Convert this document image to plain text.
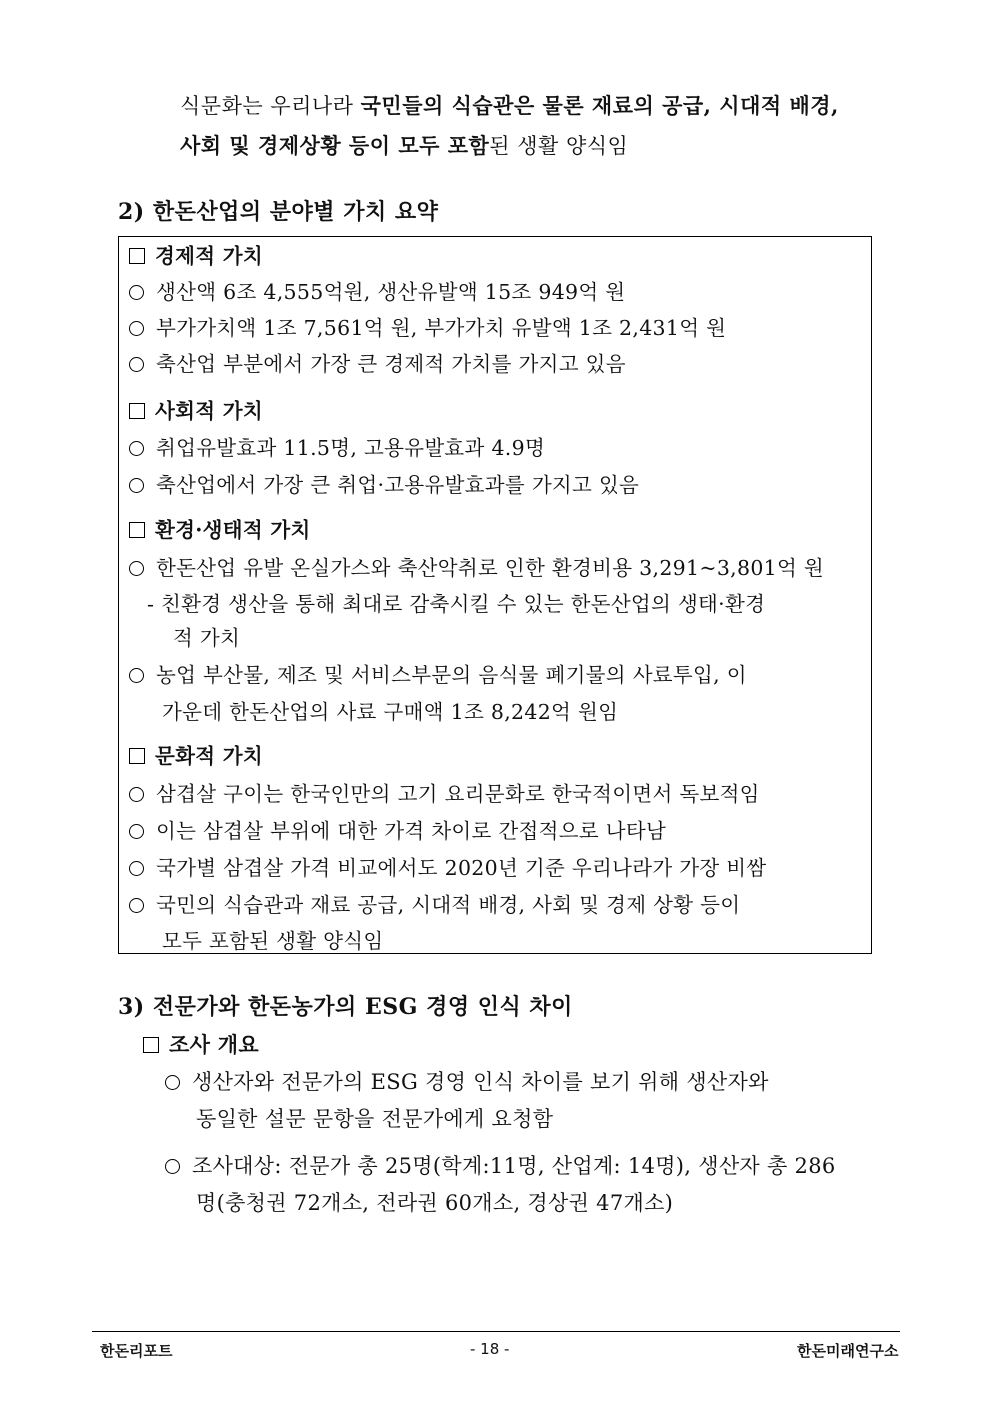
식문화는 우리나라 국민들의 식습관은 물론 재료의 공급, 시대적 배경,
사회 및 경제상황 등이 모두 포함된 생활 양식임
2) 한돈산업의 분야별 가치 요약
경제적 가치
생산액 6조 4,555억원, 생산유발액 15조 949억 원
부가가치액 1조 7,561억 원, 부가가치 유발액 1조 2,431억 원
축산업 부분에서 가장 큰 경제적 가치를 가지고 있음
사회적 가치
취업유발효과 11.5명, 고용유발효과 4.9명
축산업에서 가장 큰 취업·고용유발효과를 가지고 있음
환경·생태적 가치
한돈산업 유발 온실가스와 축산악취로 인한 환경비용 3,291~3,801억 원
- 친환경 생산을 통해 최대로 감축시킬 수 있는 한돈산업의 생태·환경
적 가치
농업 부산물, 제조 및 서비스부문의 음식물 폐기물의 사료투입, 이
가운데 한돈산업의 사료 구매액 1조 8,242억 원임
문화적 가치
삼겹살 구이는 한국인만의 고기 요리문화로 한국적이면서 독보적임
이는 삼겹살 부위에 대한 가격 차이로 간접적으로 나타남
국가별 삼겹살 가격 비교에서도 2020년 기준 우리나라가 가장 비쌈
국민의 식습관과 재료 공급, 시대적 배경, 사회 및 경제 상황 등이
모두 포함된 생활 양식임
3) 전문가와 한돈농가의 ESG 경영 인식 차이
조사 개요
생산자와 전문가의 ESG 경영 인식 차이를 보기 위해 생산자와
동일한 설문 문항을 전문가에게 요청함
조사대상: 전문가 총 25명(학계:11명, 산업계: 14명), 생산자 총 286
명(충청권 72개소, 전라권 60개소, 경상권 47개소)
한돈리포트	- 18 -	한돈미래연구소
